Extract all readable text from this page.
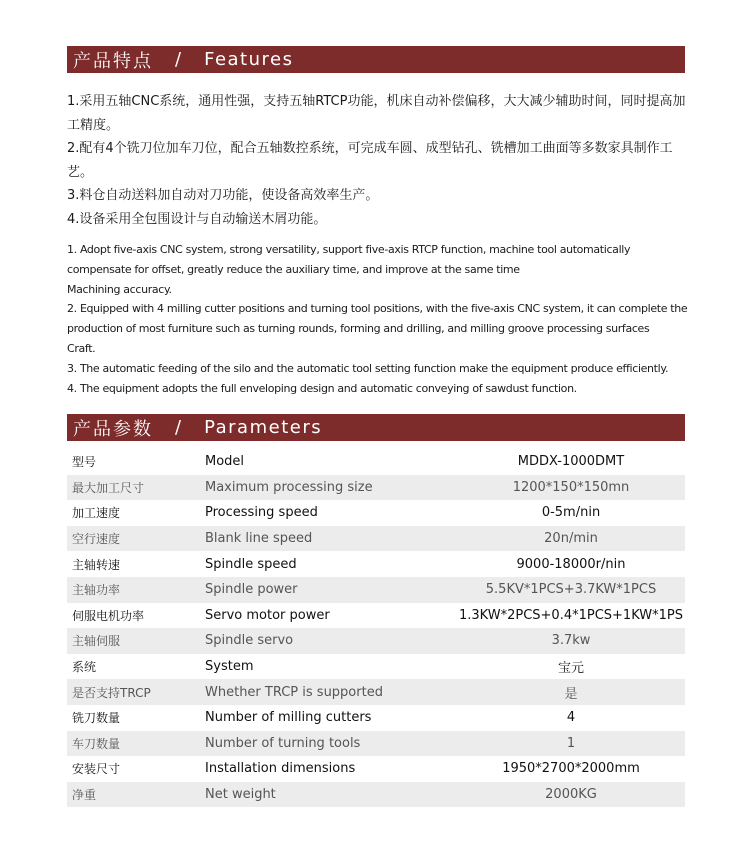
产品特点 / Features

1.采用五轴CNC系统，通用性强，支持五轴RTCP功能，机床自动补偿偏移，大大减少辅助时间，同时提高加工精度。

2.配有4个铣刀位加车刀位，配合五轴数控系统，可完成车圆、成型钻孔、铣槽加工曲面等多数家具制作工艺。

3.料仓自动送料加自动对刀功能，使设备高效率生产。

4.设备采用全包围设计与自动输送木屑功能。

1. Adopt five-axis CNC system, strong versatility, support five-axis RTCP function, machine tool automatically compensate for offset, greatly reduce the auxiliary time, and improve at the same time

Machining accuracy.

2. Equipped with 4 milling cutter positions and turning tool positions, with the five-axis CNC system, it can complete the production of most furniture such as turning rounds, forming and drilling, and milling groove processing surfaces

Craft.

3. The automatic feeding of the silo and the automatic tool setting function make the equipment produce efficiently.

4. The equipment adopts the full enveloping design and automatic conveying of sawdust function.

产品参数 / Parameters
型号	Model	MDDX-1000DMT
最大加工尺寸	Maximum processing size	1200*150*150mn
加工速度	Processing speed	0-5m/nin
空行速度	Blank line speed	20n/min
主轴转速	Spindle speed	9000-18000r/nin
主轴功率	Spindle power	5.5KV*1PCS+3.7KW*1PCS
伺服电机功率	Servo motor power	1.3KW*2PCS+0.4*1PCS+1KW*1PS
主轴伺服	Spindle servo	3.7kw
系统	System	宝元
是否支持TRCP	Whether TRCP is supported	是
铣刀数量	Number of milling cutters	4
车刀数量	Number of turning tools	1
安装尺寸	Installation dimensions	1950*2700*2000mm
净重	Net weight	2000KG
